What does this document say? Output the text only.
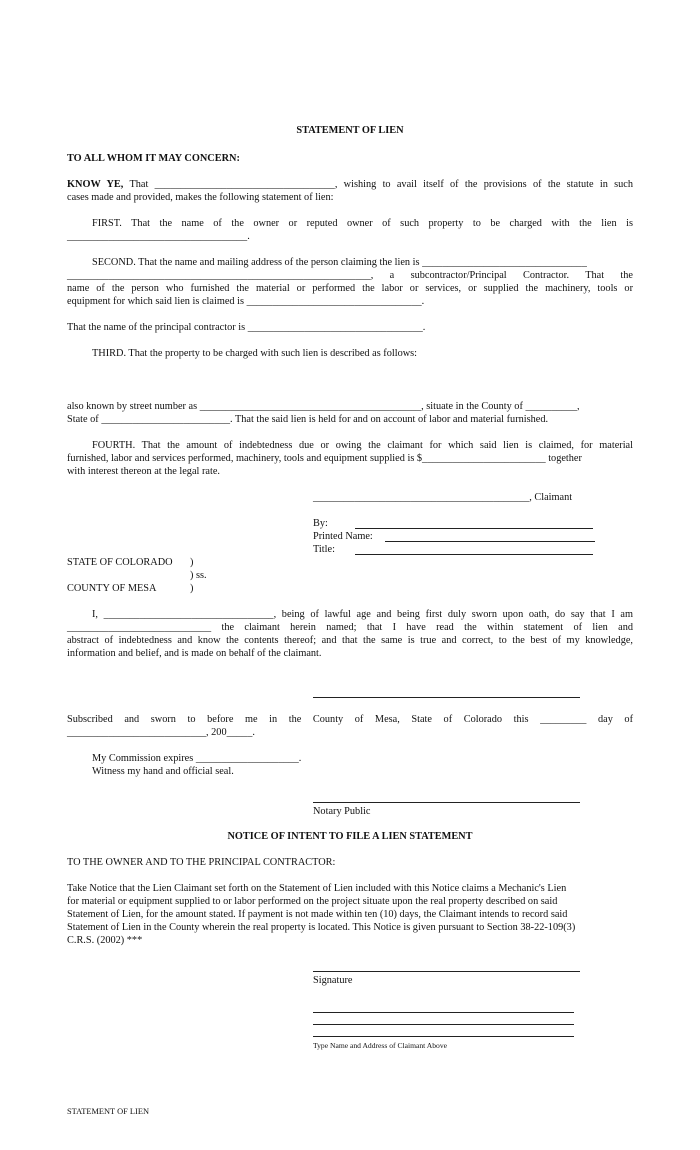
STATEMENT OF LIEN
TO ALL WHOM IT MAY CONCERN:
KNOW YE, That ___________________________________, wishing to avail itself of the provisions of the statute in such
cases made and provided, makes the following statement of lien:
FIRST. That the name of the owner or reputed owner of such property to be charged with the lien is
___________________________________.
SECOND. That the name and mailing address of the person claiming the lien is ________________________________
___________________________________________________________, a subcontractor/Principal Contractor. That the
name of the person who furnished the material or performed the labor or services, or supplied the machinery, tools or
equipment for which said lien is claimed is __________________________________.
That the name of the principal contractor is __________________________________.
THIRD. That the property to be charged with such lien is described as follows:
also known by street number as ___________________________________________, situate in the County of __________,
State of _________________________. That the said lien is held for and on account of labor and material furnished.
FOURTH. That the amount of indebtedness due or owing the claimant for which said lien is claimed, for material
furnished, labor and services performed, machinery, tools and equipment supplied is $________________________ together
with interest thereon at the legal rate.
__________________________________________, Claimant
By:
Printed Name:
Title:
STATE OF COLORADO )
) ss.
COUNTY OF MESA	)
I, _________________________________, being of lawful age and being first duly sworn upon oath, do say that I am
____________________________ the claimant herein named; that I have read the within statement of lien and
abstract of indebtedness and know the contents thereof; and that the same is true and correct, to the best of my knowledge,
information and belief, and is made on behalf of the claimant.
Subscribed and sworn to before me in the County of Mesa, State of Colorado this _________ day of
___________________________, 200_____.
My Commission expires ____________________.
Witness my hand and official seal.
Notary Public
NOTICE OF INTENT TO FILE A LIEN STATEMENT
TO THE OWNER AND TO THE PRINCIPAL CONTRACTOR:
Take Notice that the Lien Claimant set forth on the Statement of Lien included with this Notice claims a Mechanic's Lien
for material or equipment supplied to or labor performed on the project situate upon the real property described on said
Statement of Lien, for the amount stated. If payment is not made within ten (10) days, the Claimant intends to record said
Statement of Lien in the County wherein the real property is located. This Notice is given pursuant to Section 38-22-109(3)
C.R.S. (2002) ***
Signature
Type Name and Address of Claimant Above
STATEMENT OF LIEN
